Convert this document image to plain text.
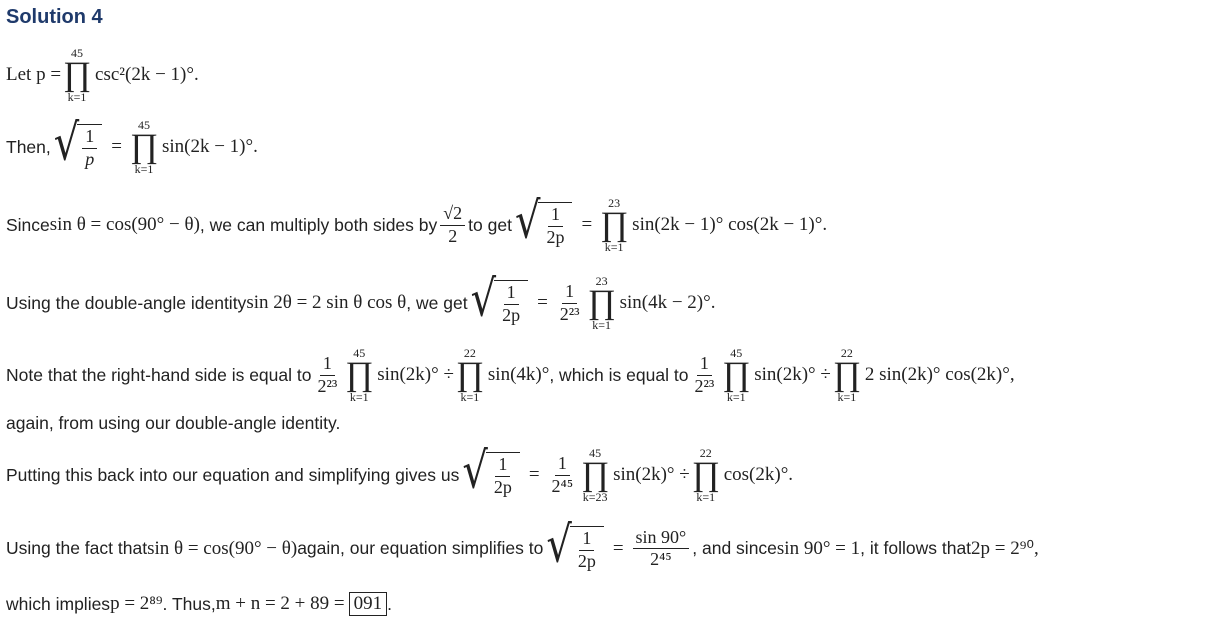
Solution 4
Let p =
45
∏
k=1
csc²(2k − 1)°.
Then, √ $\frac{1}{p}$ =
45
∏
k=1
sin(2k − 1)°.
Since sin θ = cos(90° − θ) , we can multiply both sides by $\frac{√2}{2}$ to get √ $\frac{1}{2p}$ =
23
∏
k=1
sin(2k − 1)° cos(2k − 1)°.
Using the double-angle identity sin 2θ = 2 sin θ cos θ , we get √ $\frac{1}{2p} = \frac{1}{\text{2²³}}$
23
∏
k=1
sin(4k − 2)°.
Note that the right-hand side is equal to $\frac{1}{\text{2²³}}$
45
∏
k=1
sin(2k)° ÷
22
∏
k=1
sin(4k)° , which is equal to $\frac{1}{\text{2²³}}$
45
∏
k=1
sin(2k)° ÷
22
∏
k=1
2 sin(2k)° cos(2k)°,
again, from using our double-angle identity.
Putting this back into our equation and simplifying gives us √ $\frac{1}{2p} = \frac{1}{\text{2⁴⁵}}$
45
∏
k=23
sin(2k)° ÷
22
∏
k=1
cos(2k)°.
Using the fact that sin θ = cos(90° − θ) again, our equation simplifies to √ $\frac{1}{2p} = \frac{\sin 90^\circ}{\text{2⁴⁵}}$ , and since sin 90° = 1 , it follows that 2p = 2⁹⁰,
which implies p = 2⁸⁹ . Thus, m + n = 2 + 89 = 091 .
